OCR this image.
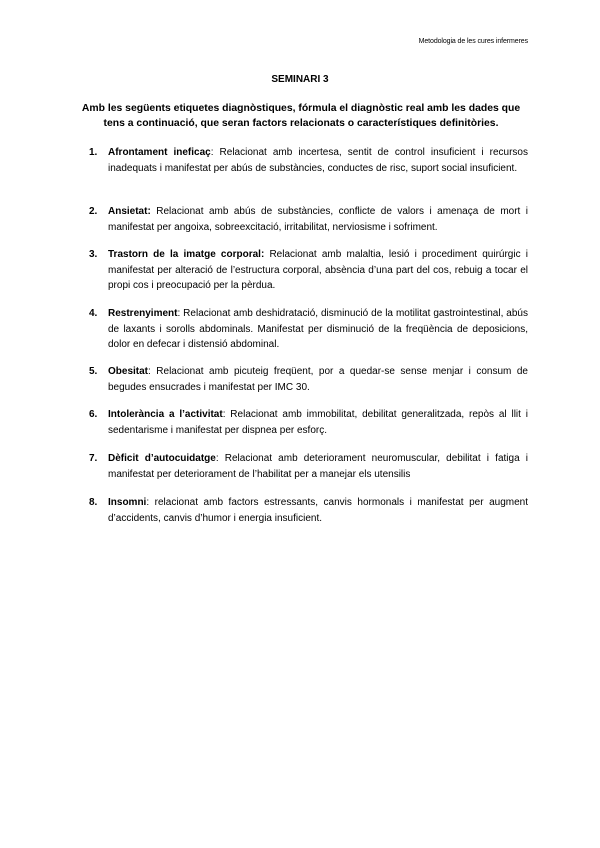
Metodologia de les cures infermeres
SEMINARI 3
Amb les següents etiquetes diagnòstiques, fórmula el diagnòstic real amb les dades que tens a continuació, que seran factors relacionats o característiques definitòries.
1. Afrontament ineficaç: Relacionat amb incertesa, sentit de control insuficient i recursos inadequats i manifestat per abús de substàncies, conductes de risc, suport social insuficient.
2. Ansietat: Relacionat amb abús de substàncies, conflicte de valors i amenaça de mort i manifestat per angoixa, sobreexcitació, irritabilitat, nerviosisme i sofriment.
3. Trastorn de la imatge corporal: Relacionat amb malaltia, lesió i procediment quirúrgic i manifestat per alteració de l’estructura corporal, absència d’una part del cos, rebuig a tocar el propi cos i preocupació per la pèrdua.
4. Restrenyiment: Relacionat amb deshidratació, disminució de la motilitat gastrointestinal, abús de laxants i sorolls abdominals. Manifestat per disminució de la freqüència de deposicions, dolor en defecar i distensió abdominal.
5. Obesitat: Relacionat amb picuteig freqüent, por a quedar-se sense menjar i consum de begudes ensucrades i manifestat per IMC 30.
6. Intolerància a l’activitat: Relacionat amb immobilitat, debilitat generalitzada, repòs al llit i sedentarisme i manifestat per dispnea per esforç.
7. Dèficit d’autocuidatge: Relacionat amb deteriorament neuromuscular, debilitat i fatiga i manifestat per deteriorament de l’habilitat per a manejar els utensilis
8. Insomni: relacionat amb factors estressants, canvis hormonals i manifestat per augment d’accidents, canvis d’humor i energia insuficient.
